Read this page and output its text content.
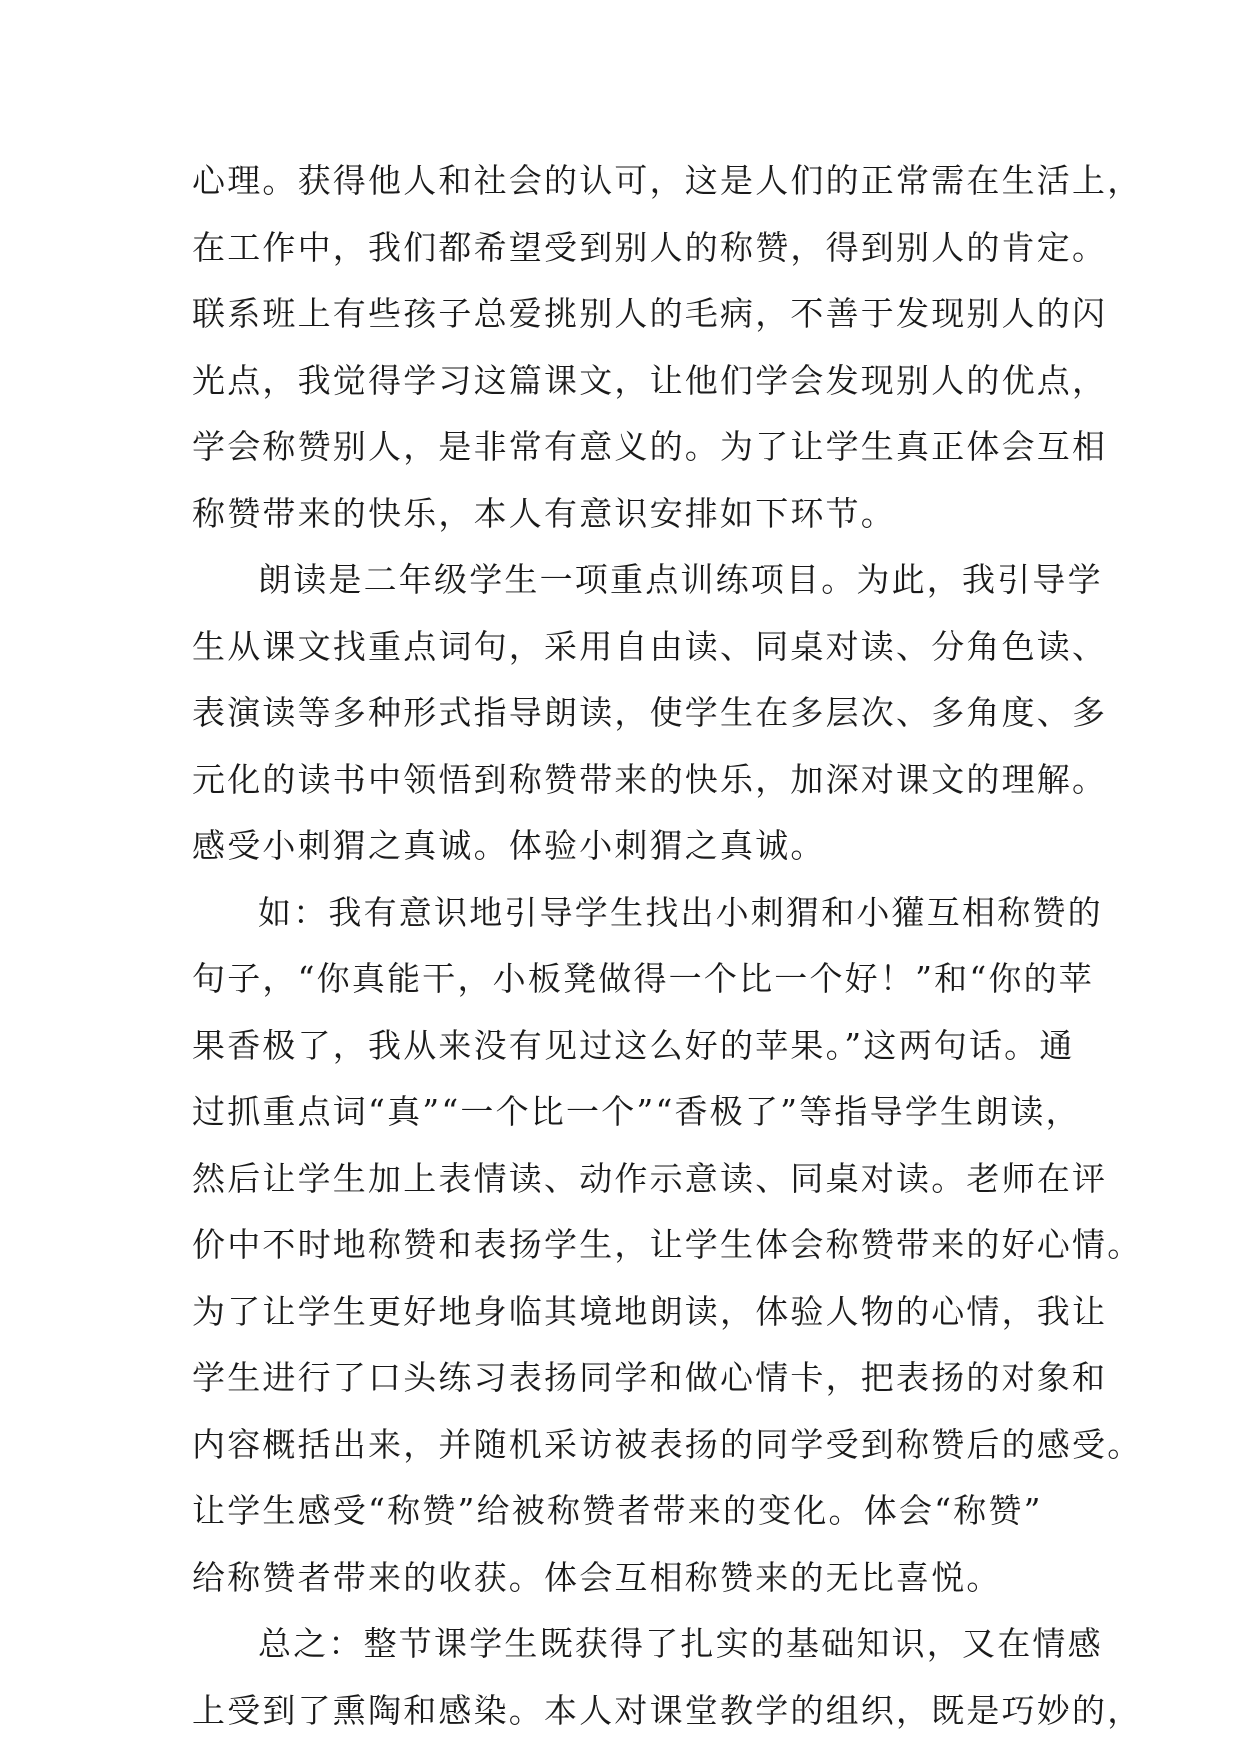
心理。获得他人和社会的认可，这是人们的正常需在生活上，
在工作中，我们都希望受到别人的称赞，得到别人的肯定。
联系班上有些孩子总爱挑别人的毛病，不善于发现别人的闪
光点，我觉得学习这篇课文，让他们学会发现别人的优点，
学会称赞别人，是非常有意义的。为了让学生真正体会互相
称赞带来的快乐，本人有意识安排如下环节。
朗读是二年级学生一项重点训练项目。为此，我引导学
生从课文找重点词句，采用自由读、同桌对读、分角色读、
表演读等多种形式指导朗读，使学生在多层次、多角度、多
元化的读书中领悟到称赞带来的快乐，加深对课文的理解。
感受小刺猬之真诚。体验小刺猬之真诚。
如：我有意识地引导学生找出小刺猬和小獾互相称赞的
句子，“你真能干，小板凳做得一个比一个好！”和“你的苹
果香极了，我从来没有见过这么好的苹果。”这两句话。通
过抓重点词“真”“一个比一个”“香极了”等指导学生朗读，
然后让学生加上表情读、动作示意读、同桌对读。老师在评
价中不时地称赞和表扬学生，让学生体会称赞带来的好心情。
为了让学生更好地身临其境地朗读，体验人物的心情，我让
学生进行了口头练习表扬同学和做心情卡，把表扬的对象和
内容概括出来，并随机采访被表扬的同学受到称赞后的感受。
让学生感受“称赞”给被称赞者带来的变化。体会“称赞”
给称赞者带来的收获。体会互相称赞来的无比喜悦。
总之：整节课学生既获得了扎实的基础知识，又在情感
上受到了熏陶和感染。本人对课堂教学的组织，既是巧妙的，
